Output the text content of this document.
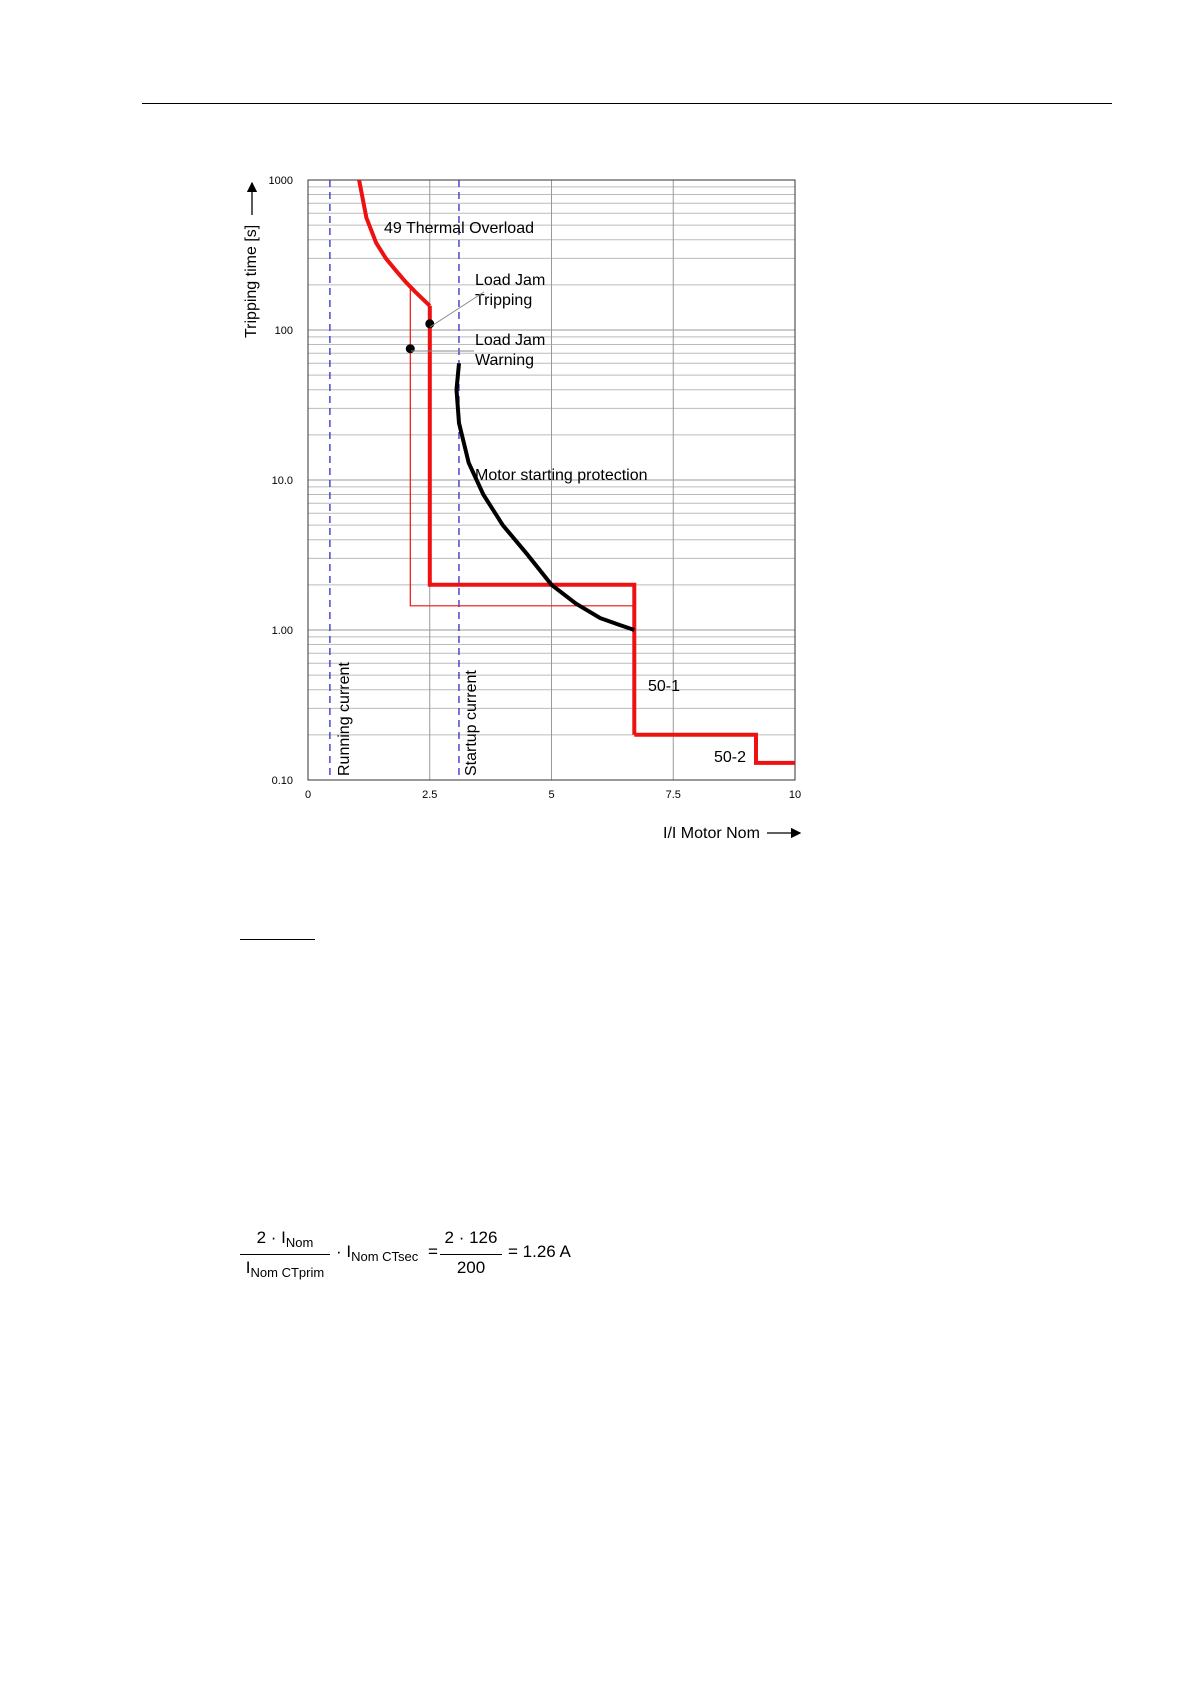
0	2.5	5	7.5	10
0.10
1.00
10.0
100
1000
49 Thermal Overload
Load Jam
Tripping
Load Jam
Warning
Motor starting protection
50-1
50-2
Running current	Startup current
Tripping time [s]
I/I Motor Nom
$2 \cdot I_{Nom}$
$I_{Nom CTprim}$
· $I_{Nom CTsec}$ =
2 · 126
200
= 1.26 A
